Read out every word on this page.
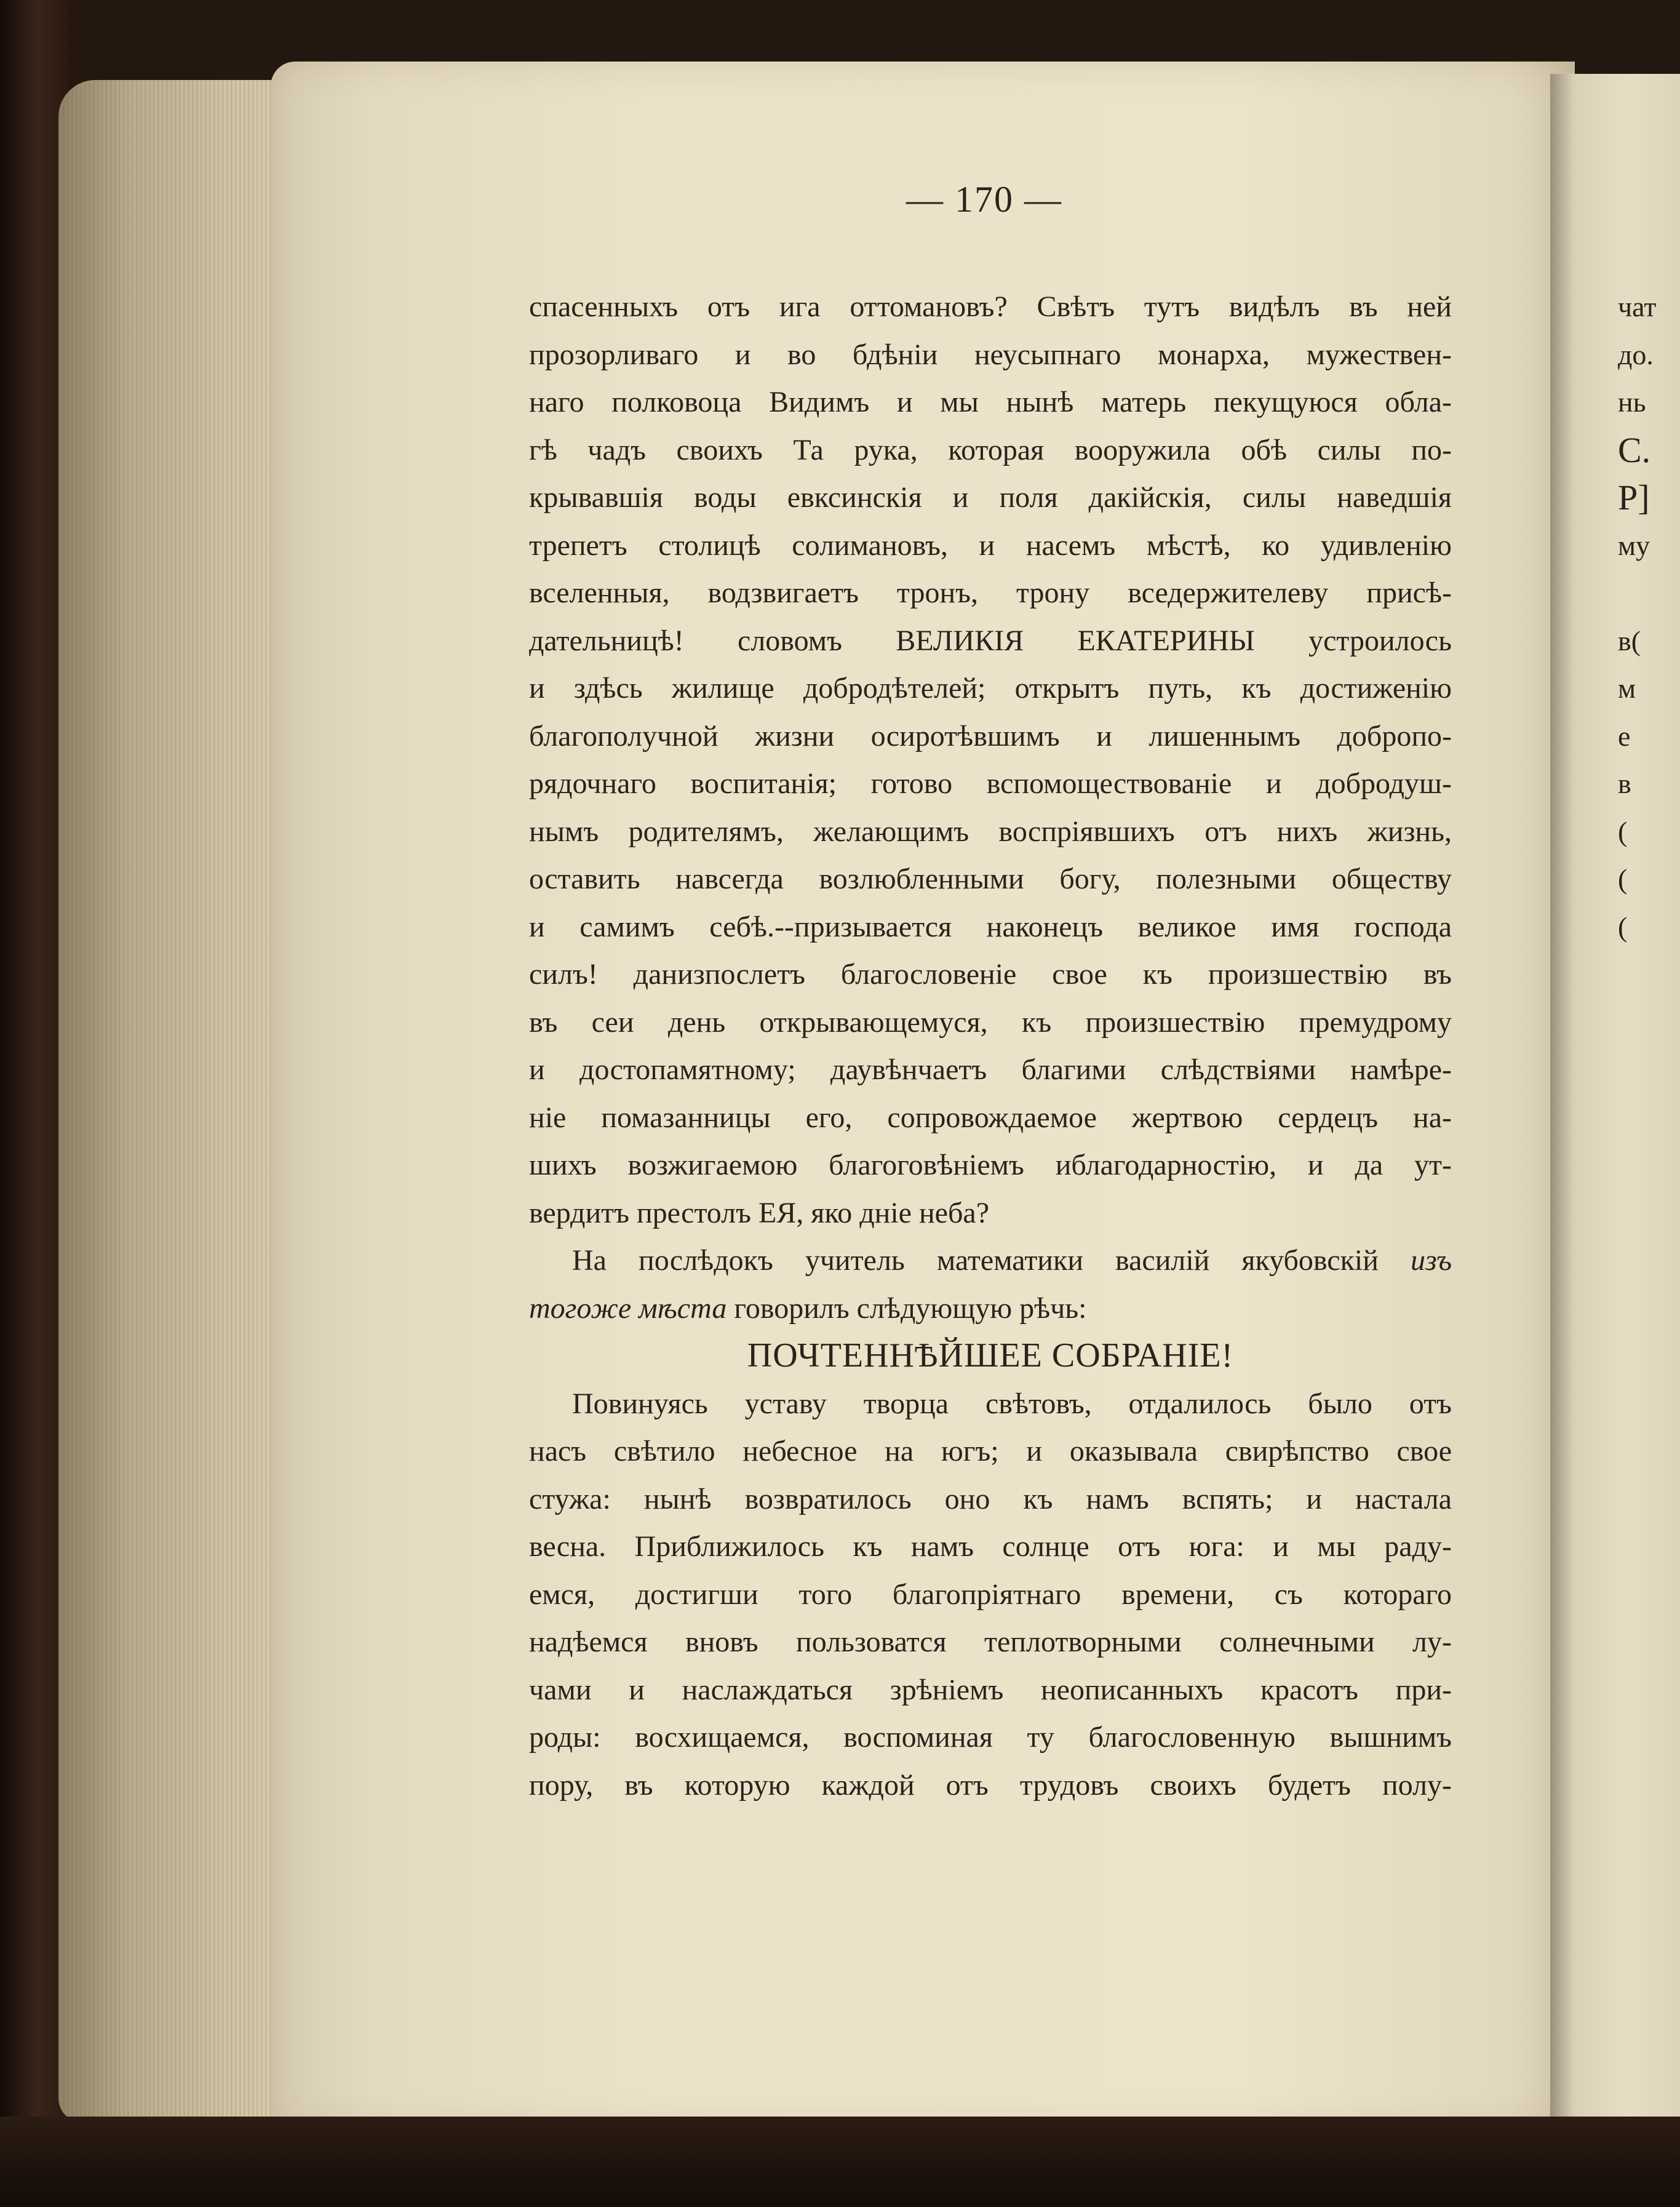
— 170 —
спасенныхъ отъ ига оттомановъ? Свѣтъ тутъ видѣлъ въ ней
прозорливаго и во бдѣніи неусыпнаго монарха, мужествен-
наго полковоца Видимъ и мы нынѣ матерь пекущуюся обла-
гѣ чадъ своихъ Та рука, которая вооружила обѣ силы по-
крывавшія воды евксинскія и поля дакійскія, силы наведшія
трепетъ столицѣ солимановъ, и насемъ мѣстѣ, ко удивленію
вселенныя, водзвигаетъ тронъ, трону вседержителеву присѣ-
дательницѣ! словомъ ВЕЛИКІЯ ЕКАТЕРИНЫ устроилось
и здѣсь жилище добродѣтелей; открытъ путь, къ достиженію
благополучной жизни осиротѣвшимъ и лишеннымъ добропо-
рядочнаго воспитанія; готово вспомоществованіе и добродуш-
нымъ родителямъ, желающимъ воспріявшихъ отъ нихъ жизнь,
оставить навсегда возлюбленными богу, полезными обществу
и самимъ себѣ.--призывается наконецъ великое имя господа
силъ! данизпослетъ благословеніе свое къ произшествію въ
въ сеи день открывающемуся, къ произшествію премудрому
и достопамятному; даувѣнчаетъ благими слѣдствіями намѣре-
ніе помазанницы его, сопровождаемое жертвою сердецъ на-
шихъ возжигаемою благоговѣніемъ иблагодарностію, и да ут-
вердитъ престолъ ЕЯ, яко дніе неба?
На послѣдокъ учитель математики василій якубовскій изъ
тогожe мѣста говорилъ слѣдующую рѣчь:
ПОЧТЕННѢЙШЕЕ СОБРАНІЕ!
Повинуясь уставу творца свѣтовъ, отдалилось было отъ
насъ свѣтило небесное на югъ; и оказывала свирѣпство свое
стужа: нынѣ возвратилось оно къ намъ вспять; и настала
весна. Приближилось къ намъ солнце отъ юга: и мы раду-
емся, достигши того благопріятнаго времени, съ котораго
надѣемся вновъ пользоватся теплотворными солнечными лу-
чами и наслаждаться зрѣніемъ неописанныхъ красотъ при-
роды: восхищаемся, воспоминая ту благословенную вышнимъ
пору, въ которую каждой отъ трудовъ своихъ будетъ полу-
чат
до.
нь
С.
Р]
му
в(
м
е
в
(
(
(
